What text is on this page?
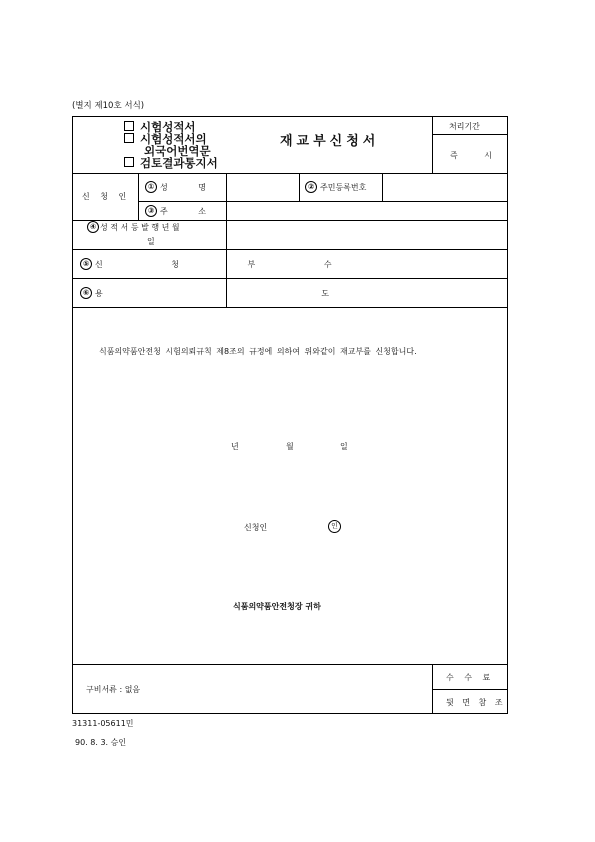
(별지 제10호 서식)
시험성적서
시험성적서의
외국어번역문
검토결과통지서
재교부신청서
처리기간
즉 시
신 청 인
① 성 명	② 주민등록번호
③ 주 소
④ 성 적 서 등 발 행 년 월
일
⑤ 신 청 부 수
⑥ 용 도
식품의약품안전청 시험의뢰규칙 제8조의 규정에 의하여 위와같이 재교부를 신청합니다.
년	월	일
신청인	인
식품의약품안전청장 귀하
구비서류 : 없음
수 수 료
뒷 면 참 조
31311-05611민
90. 8. 3. 승인
